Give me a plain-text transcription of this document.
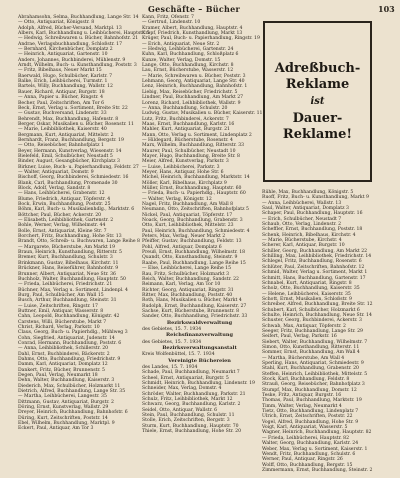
Geschäfte – Bücher	103
Abrahamsohn, Selma, Buchhandlung, Lange Str. 14
— Otto, Antiquariat, Königsstr. 8
Adolph, Alfred, Bücher-Versand, Marktpl. 13
Albers, Karl, Buchhandlung u. Leihbücherei, Hauptstr. 5
— Hedwig, Schreibwaren u. Bücher, Bahnhofstr. 21
Andrae, Verlagsbuchhandlung, Schloßstr. 17
— Bernhard, Kirchenbücher, Domplatz 2
— Heinrich, Antiquariat, Gartenstr. 10
Anders, Johannes, Buchbinderei, Mühlenstr. 9
Arndt, Wilhelm, Buch- u. Kunsthandlung, Poststr. 3
— Fritz, Bibelhaus, Neuer Markt 15
Baerwald, Hugo, Schulbücher, Karlstr. 7
Balke, Erich, Leihbücherei, Turmstr. 1
Bartels, Willy, Buchhandlung, Wallstr. 12
Bauer, Richard, Antiquar, Burgstr. 18
— Anna, Papier u. Bücher, Ringstr. 4
Becher, Paul, Zeitschriften, Am Tor 6
Beck, Ernst, Verlag u. Sortiment, Breite Str. 22
— Gustav, Buchversand, Lindenstr. 33
Behrendt, Max, Buchhandlung, Hafenstr. 8
Berger, Oskar, Musikalien u. Bücher, Rosenstr. 11
— Marie, Leihbibliothek, Kaiserstr. 40
Bergmann, Kurt, Antiquariat, Mittelstr. 2
Bernhardt, Franz, Buchhandlung, Bergstr. 19
— Otto, Reisebücher, Bahnhofplatz 1
Beyer, Hermann, Kunstverlag, Wiesenstr. 14
Bielefeld, Emil, Schulbücher, Neustadt 5
Binder, August, Gesangbücher, Kirchplatz 3
Birkner, Luise, Buch- u. Papierhandlung, Feldstr. 27
— Walter, Antiquariat, Domstr. 9
Bischoff, Georg, Buchbinderei, Schmiedestr. 16
Blank, Carl, Buchhandlung, Promenade 30
Block, Adolf, Verlag, Sandstr. 8
— Hans, Leihbücherei, Grabenstr. 12
Blume, Friedrich, Antiquar, Töpferstr. 4
Bock, Erwin, Buchhandlung, Poststr. 25
Böhm, Karl, Buch- u. Musikalienhdlg., Marktstr. 6
Böttcher, Paul, Bücher, Ackerstr. 20
— Elisabeth, Leihbibliothek, Gartenstr. 2
Bohle, Werner, Verlag, Wilhelmstr. 44
Bolle, Ernst, Antiquariat, Kleine Str. 7
Borchert, Fritz, Buchhandlung, Hohe Str. 13
Brandt, Otto, Schreib- u. Buchwaren, Lange Reihe 8
— Margarete, Bücherstube, Am Markt 19
Braun, Heinrich, Kunsthandlung, Ritterstr. 5
Bremer, Kurt, Buchhandlung, Schulstr. 3
Brinkmann, Gustav, Bibelhaus, Kirchstr. 11
Brückner, Hans, Reiseführer, Bahnhofstr. 9
Brunner, Albert, Antiquariat, Neue Str. 36
Buchholz, Walter, Buchhandlung, Hauptstr. 50
— Frieda, Leihbücherei, Friedrichstr. 21
Büchner, Max, Verlag u. Sortiment, Lindenpl. 4
Burg, Paul, Schulbücher, Am Wall 15
Busch, Arthur, Buchhandlung, Steinstr. 31
— Luise, Zeitschriften, Ringstr. 17
Buttner, Emil, Antiquar, Wasserstr. 8
Cahn, Leopold, Buchhandlung, Königstr. 42
Carstens, Willi, Bücherstube, Markt 7
Christ, Richard, Verlag, Parkstr. 10
Claus, Georg, Buch- u. Papierhdlg., Mühlweg 3
Cohn, Siegfried, Antiquariat, Judenstr. 14
Conrad, Hermann, Buchhandlung, Poststr. 6
— Anna, Leihbibliothek, Schillerstr. 20
Dahl, Ernst, Buchbinderei, Bäckerstr. 2
Dahms, Otto, Buchhandlung, Friedrichstr. 9
Damm, Karl, Antiquariat, Domplatz 12
Dankert, Fritz, Bücher, Brunnenstr. 5
Degen, Paul, Verlag, Neumarkt 18
Dehn, Walter, Buchhandlung, Kaiserstr. 3
Diederich, Max, Schulbücher, Holzmarkt 11
Dietrich, Alfred, Buchhandlung, Lange Str. 35
— Martha, Leihbücherei, Langestr. 35
Dittmann, Gustav, Antiquariat, Burgstr. 2
Döring, Ernst, Kunstverlag, Wallstr. 29
Dreyer, Heinrich, Buchhandlung, Bahnhofstr. 6
Düring, Kurt, Zeitschriften, Poststr. 14
Ebel, Wilhelm, Buchhandlung, Marktpl. 9
Eckert, Paul, Antiquar, Am Tor 3
Kann, Fritz, Ofenstr. 7
— Gertrud, Lindenstr. 10
Kramer, Albert, Buchhandlung, Hauptstr. 4
Kropf, Friedrich, Kunsthandlung, Markt 13
Krüger, Paul, Buch- u. Papierhandlung, Ringstr. 19
— Erich, Antiquariat, Neue Str. 2
— Hedwig, Leihbücherei, Gartenstr. 24
Kuhn, Karl, Buchhandlung, Schloßplatz 6
Kunze, Walter, Verlag, Domstr. 15
Lange, Otto, Buchhandlung, Kirchstr. 8
Lau, Ernst, Bücherstube, Wasserstr. 12
— Marie, Schreibwaren u. Bücher, Poststr. 3
Lehmann, Georg, Antiquariat, Lange Str. 40
Lenz, Heinrich, Buchhandlung, Bahnhofstr. 1
Liebig, Max, Reisebücher, Friedrichstr. 5
Lindner, Paul, Buchhandlung, Am Markt 27
Lorenz, Richard, Leihbibliothek, Wallstr. 9
— Anna, Buchhandlung, Schulstr. 20
Ludwig, Gustav, Musikalien u. Bücher, Kaiserstr. 11
Lutz, Fritz, Buchbinderei, Ackerstr. 7
Maas, Ernst, Buchhandlung, Karlstr. 16
Mahler, Kurt, Antiquariat, Burgstr. 21
Mann, Otto, Verlag u. Sortiment, Lindenplatz 2
— Hildegard, Bücherstube, Rosenstr. 4
Marx, Wilhelm, Buchhandlung, Ritterstr. 33
Maurer, Paul, Schulbücher, Neustadt 10
Mayer, Hugo, Buchhandlung, Breite Str. 8
Meier, Alfred, Kunstverlag, Parkstr. 3
— Luise, Leihbücherei, Parkstr. 3
Meyer, Hans, Antiquar, Hohe Str. 6
Michel, Heinrich, Buchhandlung, Marktstr. 14
Möller, Karl, Bibelhaus, Kirchplatz 9
Müller, Ernst, Buchhandlung, Hauptstr. 60
— Frieda, Buch- u. Papierhdlg., Hauptstr. 60
— Walter, Verlag, Königstr. 12
Nagel, Fritz, Buchhandlung, Am Wall 8
Neumann, Otto, Zeitschriften, Bahnhofplatz 5
Nickel, Paul, Antiquariat, Töpferstr. 17
Noack, Georg, Buchhandlung, Grabenstr. 3
Otto, Kurt, Leihbibliothek, Mittelstr. 23
Paul, Heinrich, Buchhandlung, Schmiedestr. 4
Peters, Max, Verlag, Neuer Markt 2
Pfeiffer, Gustav, Buchhandlung, Feldstr. 13
Pohl, Alfred, Antiquar, Domplatz 6
Preuß, Ernst, Buchhandlung, Wilhelmstr. 18
Quandt, Otto, Kunsthandlung, Steinstr. 9
Raabe, Paul, Buchhandlung, Lange Reihe 15
— Else, Leihbücherei, Lange Reihe 15
Rau, Fritz, Schulbücher, Holzmarkt 3
Reich, Walter, Buchhandlung, Sandstr. 22
Reimann, Karl, Verlag, Am Tor 10
Richter, Georg, Antiquariat, Ringstr. 31
Ritter, Max, Buchhandlung, Poststr. 40
Roth, Hans, Musikalien u. Bücher, Markt 4
Rudolph, Ernst, Buchhandlung, Kaiserstr. 27
Sachse, Kurt, Bücherstube, Brunnenstr. 8
Sander, Otto, Buchhandlung, Friedrichstr. 33
Bezirkswaldverwaltung
des Gebietes, 15. 7. 1934
Reichsfinanzverwaltung
des Gebietes, 15. 7. 1934
Bezirksverwaltungsanstalt
Kreis Wolfenbüttel, 15. 7. 1934
Vereinigte Büchereien
des Landes, 15. 7. 1934
Schade, Paul, Buchhandlung, Neumarkt 7
Scheel, Ernst, Antiquariat, Burgstr. 5
Schmidt, Heinrich, Buchhandlung, Lindenstr. 19
Schneider, Max, Verlag, Domstr. 4
Schröder, Walter, Buchhandlung, Parkstr. 21
Schulz, Fritz, Leihbibliothek, Markt 12
Schwarz, Georg, Buchhandlung, Karlstr. 2
Seidel, Otto, Antiquar, Wallstr. 6
Stein, Paul, Buchhandlung, Schulstr. 11
Stolle, Erich, Zeitschriften, Bergstr. 3
Sturm, Kurt, Buchhandlung, Hauptstr. 70
Thiele, Ernst, Buchhandlung, Hohe Str. 20
Adreßbuch-
Reklame
ist
Dauer-
Reklame!
Rühle, Max, Buchhandlung, Königstr. 5
Ruoff, Fritz, Buch- u. Kunsthandlung, Markt 9
— Anna, Leihbücherei, Wallstr. 13
Saul, Walter, Antiquariat, Domplatz 3
Schaper, Paul, Buchhandlung, Hauptstr. 16
— Erich, Schulbücher, Neustadt 7
Schaub, Otto, Verlag, Lindenstr. 2
Scheffler, Ernst, Buchhandlung, Poststr. 18
Schenk, Heinrich, Bibelhaus, Kirchstr. 4
— Marie, Bücherstube, Kirchstr. 4
Scherer, Karl, Antiquar, Burgstr. 10
Schiller, Georg, Buchhandlung, Am Markt 22
Schilling, Max, Leihbibliothek, Friedrichstr. 14
Schlegel, Fritz, Buchhandlung, Rosenstr. 6
Schlüter, Paul, Zeitschriften, Bahnhofstr. 12
Schmid, Walter, Verlag u. Sortiment, Markt 1
Schmitt, Hans, Buchhandlung, Gartenstr. 17
Schnabel, Kurt, Antiquariat, Ringstr. 8
Scholz, Otto, Buchhandlung, Kaiserstr. 35
— Helene, Leihbücherei, Kaiserstr. 35
Schott, Ernst, Musikalien, Schloßstr. 9
Schreiber, Alfred, Buchhandlung, Breite Str. 12
Schubert, Karl, Schulbücher, Holzmarkt 6
Schulte, Heinrich, Buchhandlung, Neue Str. 14
Schuster, Georg, Buchbinderei, Ackerstr. 3
Schwab, Max, Antiquar, Töpferstr. 2
Seeger, Fritz, Buchhandlung, Lange Str. 29
Seifert, Paul, Verlag, Parkstr. 16
Siebert, Walter, Buchhandlung, Wilhelmstr. 7
Simon, Otto, Kunsthandlung, Ritterstr. 11
Sommer, Ernst, Buchhandlung, Am Wall 4
— Martha, Bücherstube, Am Wall 4
Sperling, Hans, Antiquariat, Schmiedestr. 9
Stahl, Kurt, Buchhandlung, Grabenstr. 20
Steffen, Heinrich, Leihbibliothek, Mittelstr. 5
Stock, Karl, Buchhandlung, Feldstr. 8
Strauß, Georg, Reisebücher, Bahnhofplatz 3
Stumpf, Max, Buchhandlung, Domstr. 12
Teske, Fritz, Antiquar, Burgstr. 16
Thomas, Paul, Buchhandlung, Marktstr. 19
Timm, Walter, Verlag, Neumarkt 4
Tietz, Otto, Buchhandlung, Lindenplatz 7
Ulrich, Ernst, Zeitschriften, Poststr. 22
Vogel, Alfred, Buchhandlung, Hohe Str. 9
Voigt, Karl, Antiquariat, Wasserstr. 5
Wagner, Heinrich, Buchhandlung, Hauptstr. 82
— Frieda, Leihbücherei, Hauptstr. 82
Walter, Georg, Buchhandlung, Karlstr. 24
Weber, Max, Verlag u. Sortiment, Kaiserstr. 1
Wendt, Fritz, Buchhandlung, Schulstr. 6
Werner, Paul, Antiquar, Ringstr. 26
Wolff, Otto, Buchhandlung, Bergstr. 15
Zimmermann, Ernst, Buchhandlung, Steinstr. 2
